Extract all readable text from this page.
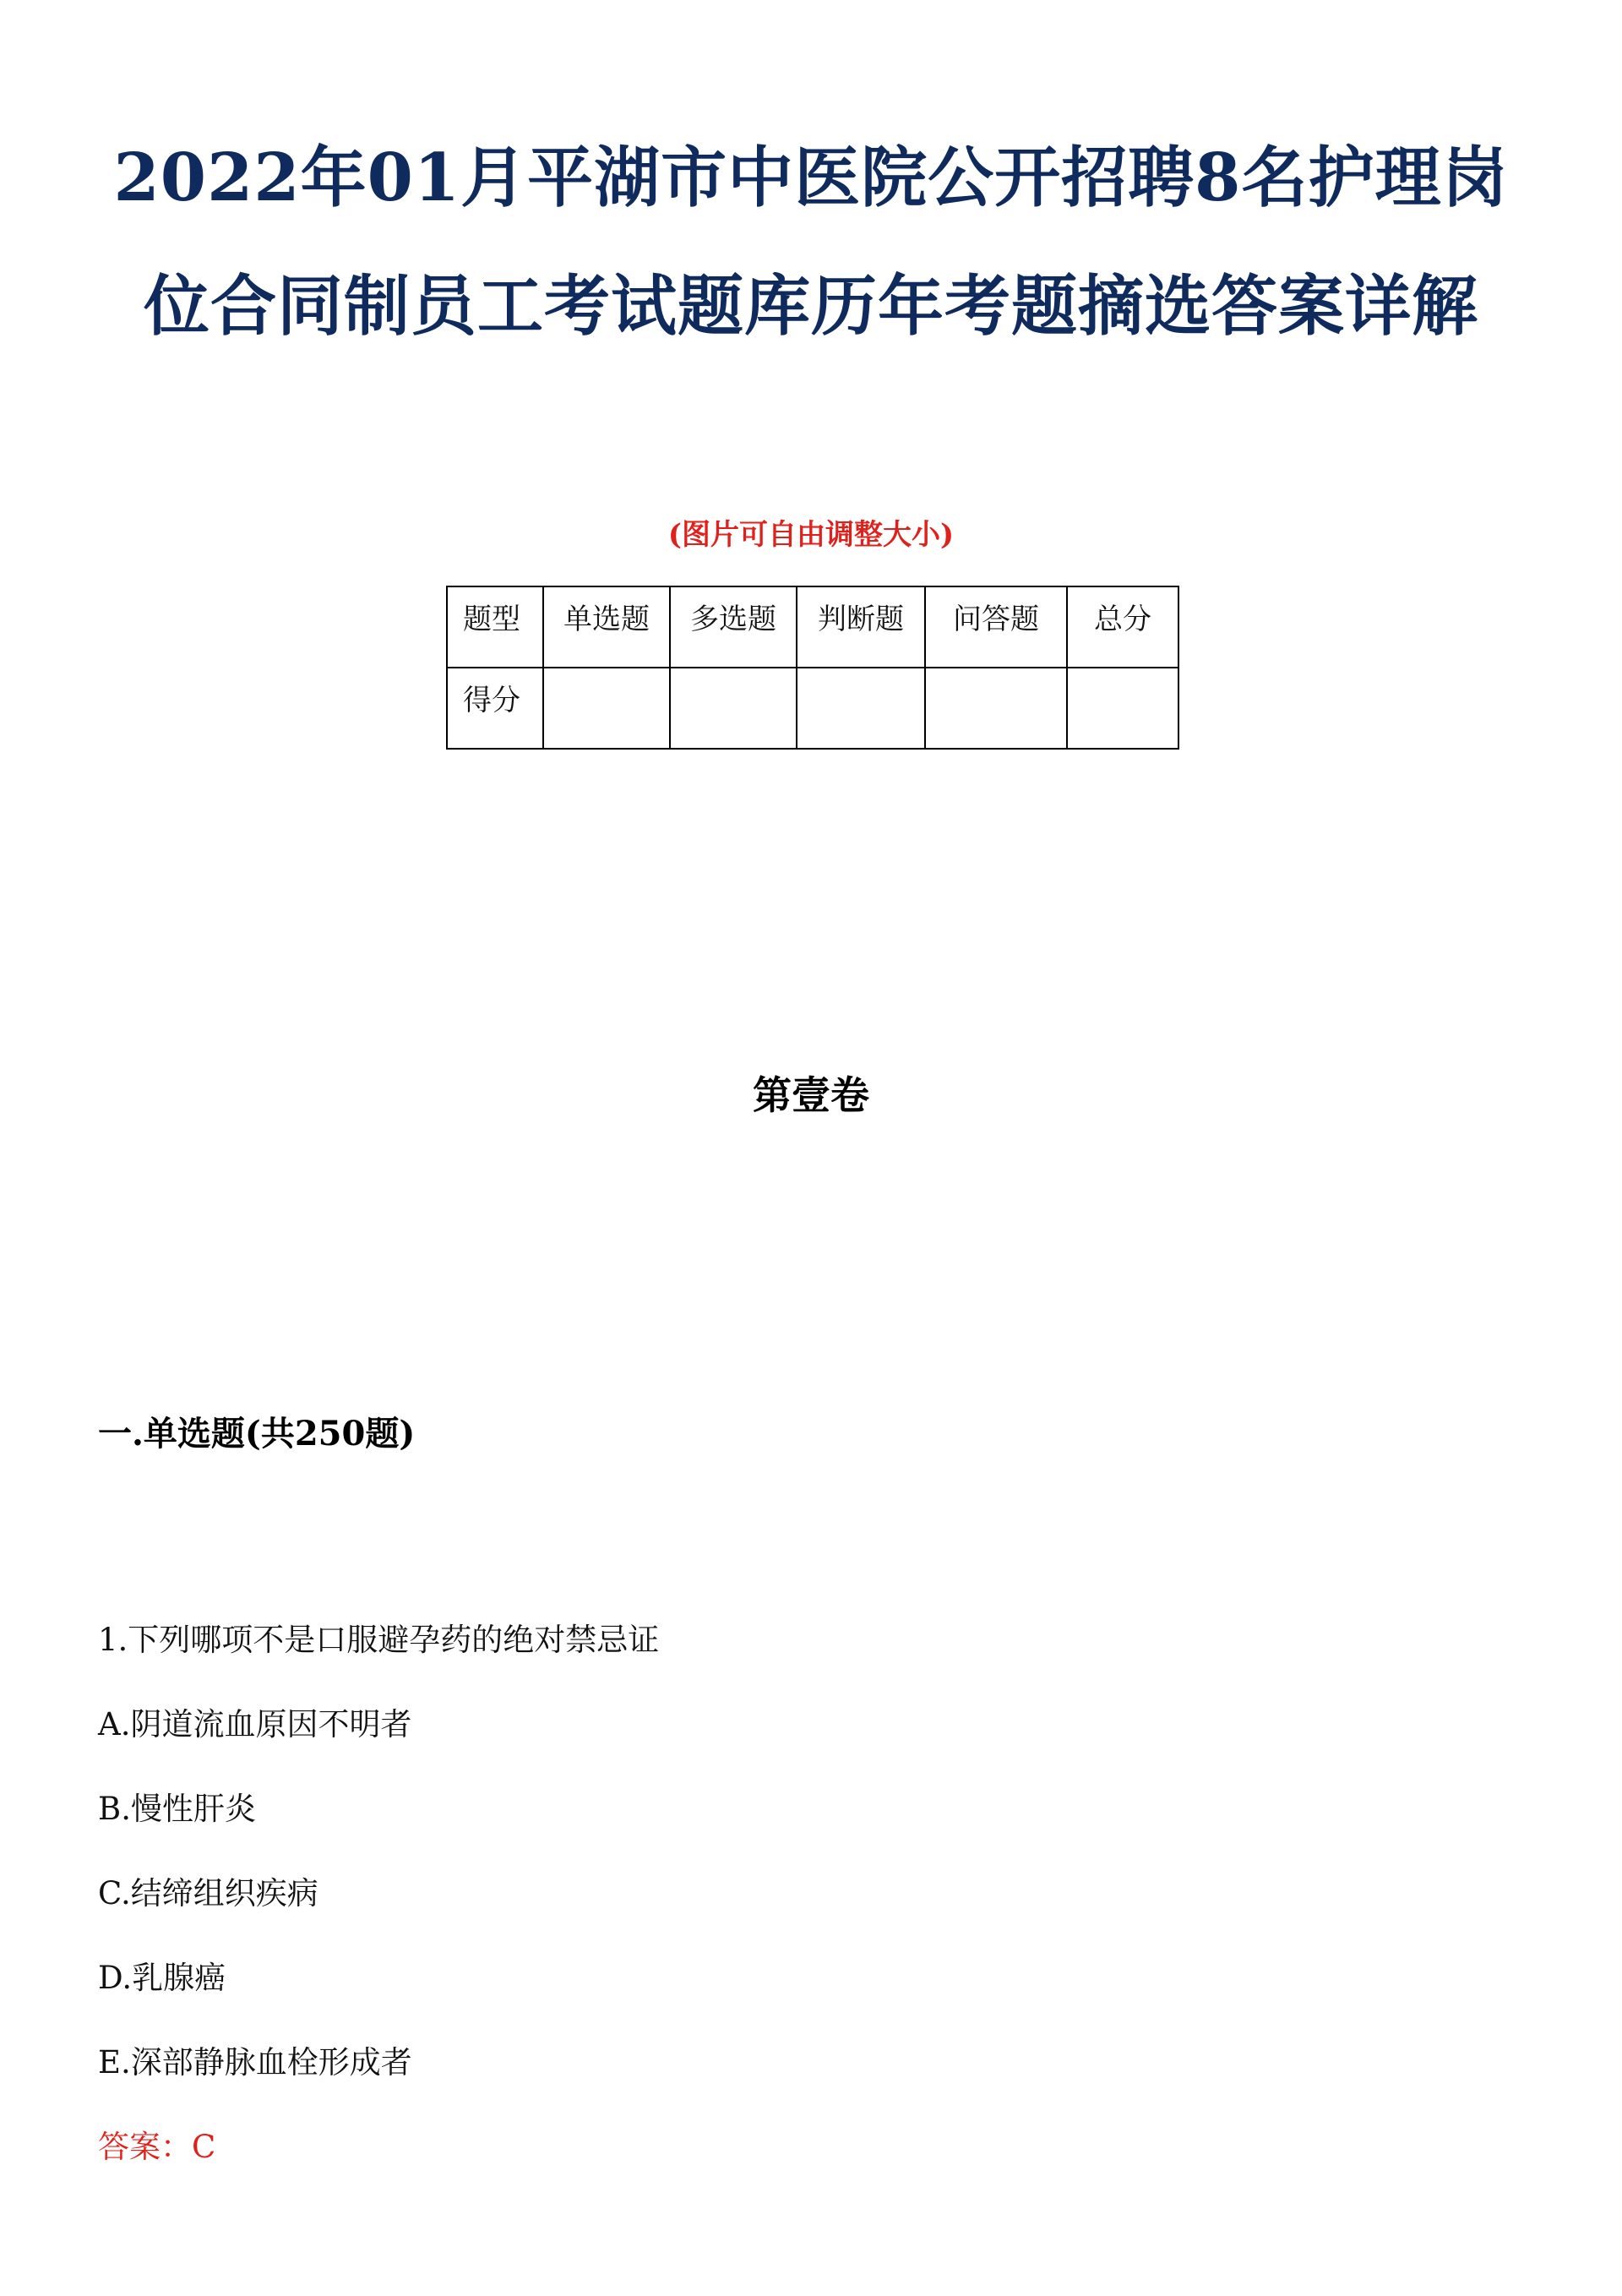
2022年01月平湖市中医院公开招聘8名护理岗位合同制员工考试题库历年考题摘选答案详解
(图片可自由调整大小)
题型	单选题	多选题	判断题	问答题	总分
得分					
第壹卷
一.单选题(共250题)
1.下列哪项不是口服避孕药的绝对禁忌证
A.阴道流血原因不明者
B.慢性肝炎
C.结缔组织疾病
D.乳腺癌
E.深部静脉血栓形成者
答案：C
